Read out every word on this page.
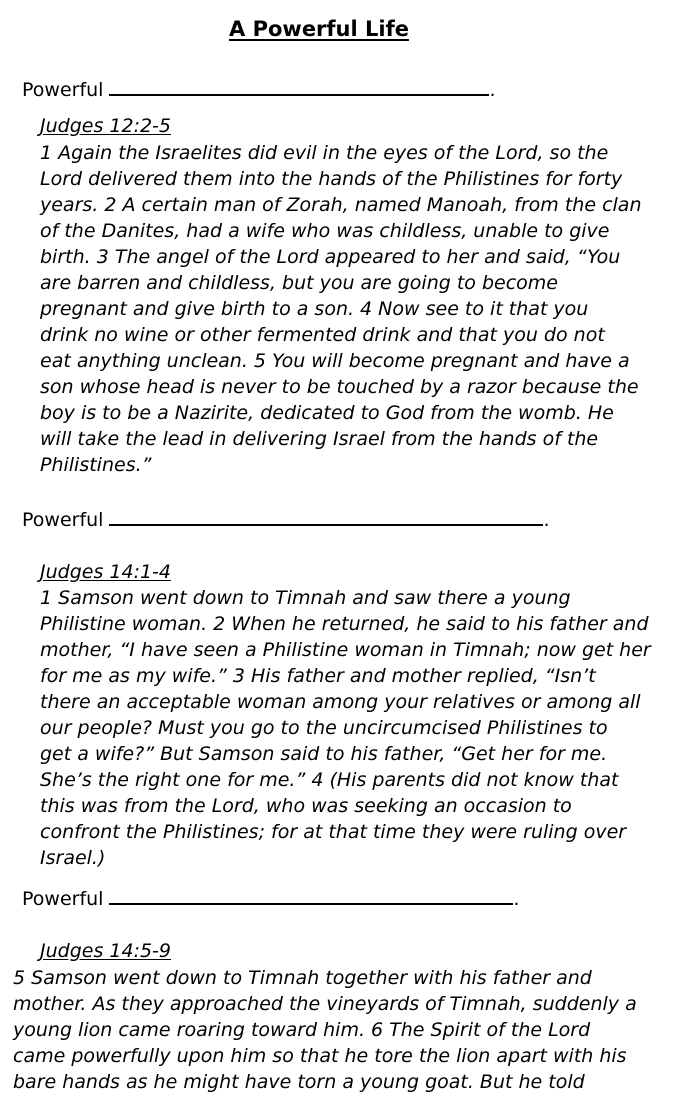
A Powerful Life

Powerful	.

Judges 12:2-5

1 Again the Israelites did evil in the eyes of the Lord, so the
Lord delivered them into the hands of the Philistines for forty
years. 2 A certain man of Zorah, named Manoah, from the clan
of the Danites, had a wife who was childless, unable to give
birth. 3 The angel of the Lord appeared to her and said, “You
are barren and childless, but you are going to become
pregnant and give birth to a son. 4 Now see to it that you
drink no wine or other fermented drink and that you do not
eat anything unclean. 5 You will become pregnant and have a
son whose head is never to be touched by a razor because the
boy is to be a Nazirite, dedicated to God from the womb. He
will take the lead in delivering Israel from the hands of the
Philistines.”

Powerful	.

Judges 14:1-4

1 Samson went down to Timnah and saw there a young
Philistine woman. 2 When he returned, he said to his father and
mother, “I have seen a Philistine woman in Timnah; now get her
for me as my wife.” 3 His father and mother replied, “Isn’t
there an acceptable woman among your relatives or among all
our people? Must you go to the uncircumcised Philistines to
get a wife?” But Samson said to his father, “Get her for me.
She’s the right one for me.” 4 (His parents did not know that
this was from the Lord, who was seeking an occasion to
confront the Philistines; for at that time they were ruling over
Israel.)

Powerful	.

Judges 14:5-9

5 Samson went down to Timnah together with his father and
mother. As they approached the vineyards of Timnah, suddenly a
young lion came roaring toward him. 6 The Spirit of the Lord
came powerfully upon him so that he tore the lion apart with his
bare hands as he might have torn a young goat. But he told
